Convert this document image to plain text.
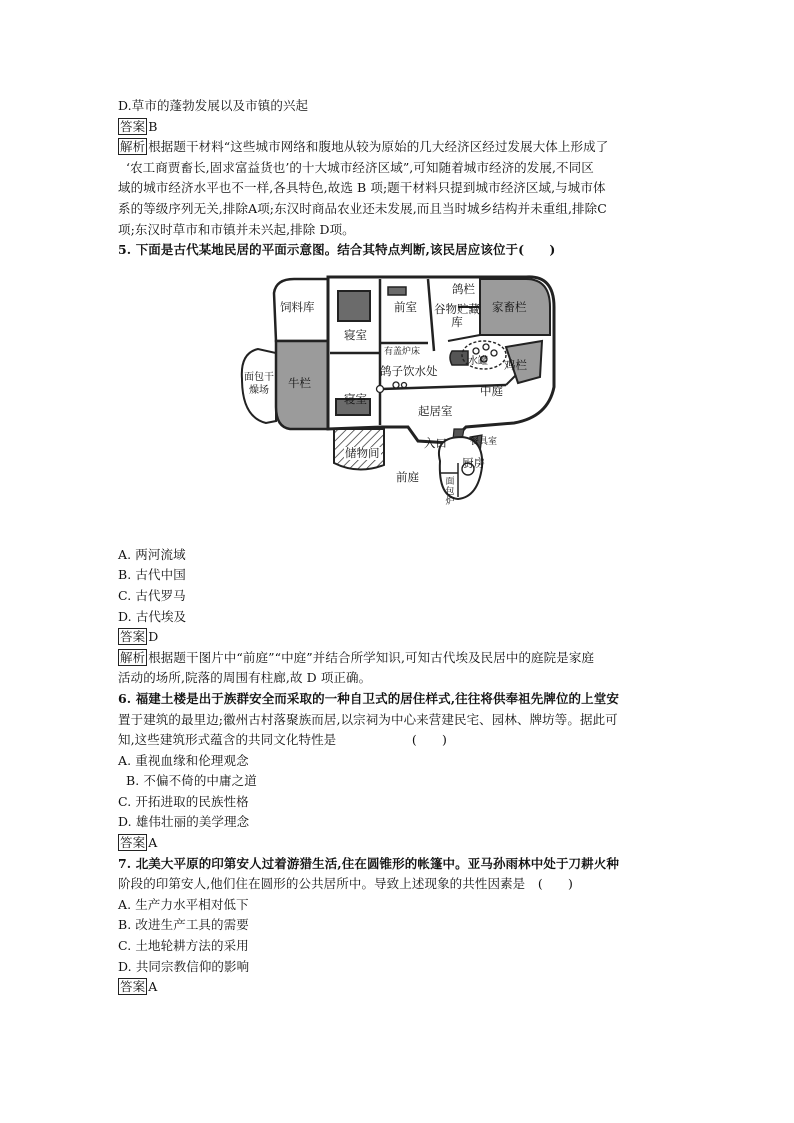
D.草市的蓬勃发展以及市镇的兴起
答案 B
解析 根据题干材料“这些城市网络和腹地从较为原始的几大经济区经过发展大体上形成了
‘农工商贾畜长,固求富益货也’的十大城市经济区域”,可知随着城市经济的发展,不同区
域的城市经济水平也不一样,各具特色,故选 B 项;题干材料只提到城市经济区域,与城市体
系的等级序列无关,排除A项;东汉时商品农业还未发展,而且当时城乡结构并未重组,排除C
项;东汉时草市和市镇并未兴起,排除 D项。
5. 下面是古代某地民居的平面示意图。结合其特点判断,该民居应该位于(　　)
饲料库
寝室
前室
鸽栏
谷物贮藏库
家畜栏
面包干燥场
牛栏
有盖炉床
鸽子饮水处
水罐 鸡栏
中庭
寝室
起居室
储物间
入口	餐具室
前庭
厨房
面包炉
A. 两河流域
B. 古代中国
C. 古代罗马
D. 古代埃及
答案 D
解析 根据题干图片中“前庭”“中庭”并结合所学知识,可知古代埃及民居中的庭院是家庭
活动的场所,院落的周围有柱廊,故 D 项正确。
6. 福建土楼是出于族群安全而采取的一种自卫式的居住样式,往往将供奉祖先牌位的上堂安
置于建筑的最里边;徽州古村落聚族而居,以宗祠为中心来营建民宅、园林、牌坊等。据此可
知,这些建筑形式蕴含的共同文化特性是　　　　　　(　　)
A. 重视血缘和伦理观念
B. 不偏不倚的中庸之道
C. 开拓进取的民族性格
D. 雄伟壮丽的美学理念
答案 A
7. 北美大平原的印第安人过着游猎生活,住在圆锥形的帐篷中。亚马孙雨林中处于刀耕火种
阶段的印第安人,他们住在圆形的公共居所中。导致上述现象的共性因素是　(　　)
A. 生产力水平相对低下
B. 改进生产工具的需要
C. 土地轮耕方法的采用
D. 共同宗教信仰的影响
答案 A
